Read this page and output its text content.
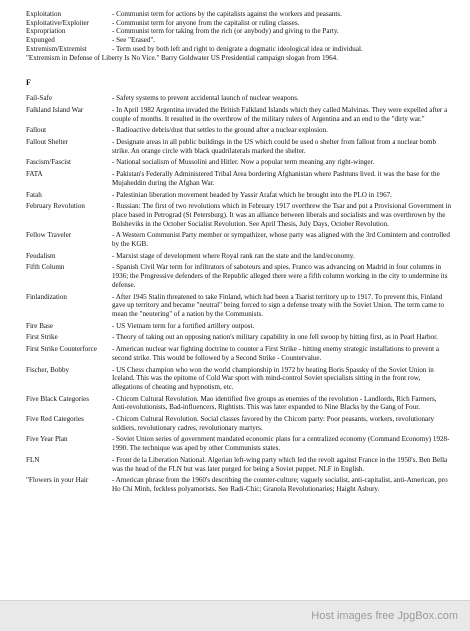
Exploitation	- Communist term for actions by the capitalists against the workers and peasants.
Exploitative/Exploiter	- Communist term for anyone from the capitalist or ruling classes.
Expropriation	- Communist term for taking from the rich (or anybody) and giving to the Party.
Expunged	- See "Erased".
Extremism/Extremist	- Term used by both left and right to denigrate a dogmatic ideological idea or individual.
"Extremism in Defense of Liberty Is No Vice." Barry Goldwater US Presidential campaign slogan from 1964.
F
Fail-Safe	- Safety systems to prevent accidental launch of nuclear weapons.
Falkland Island War	- In April 1982 Argentina invaded the British Falkland Islands which they called Malvinas. They were expelled after a couple of months. It resulted in the overthrow of the military rulers of Argentina and an end to the "dirty war."
Fallout	- Radioactive debris/dust that settles to the ground after a nuclear explosion.
Fallout Shelter	- Designate areas in all public buildings in the US which could be used o shelter from fallout from a nuclear bomb strike. An orange circle with black quadrilaterals marked the shelter.
Fascism/Fascist	- National socialism of Mussolini and Hitler. Now a popular term meaning any right-winger.
FATA	- Pakistan's Federally Administered Tribal Area bordering Afghanistan where Pashtuns lived. it was the base for the Mujaheddin during the Afghan War.
Fatah	- Palestinian liberation movement headed by Yassir Arafat which he brought into the PLO in 1967.
February Revolution	- Russian: The first of two revolutions which in February 1917 overthrew the Tsar and put a Provisional Government in place based in Petrograd (St Petersburg). It was an alliance between liberals and socialists and was overthrown by the Bolsheviks in the October Socialist Revolution. See April Thesis, July Days, October Revolution.
Fellow Traveler	- A Western Communist Party member or sympathizer, whose party was aligned with the 3rd Comintern and controlled by the KGB.
Feudalism	- Marxist stage of development where Royal rank ran the state and the land/economy.
Fifth Column	- Spanish Civil War term for infiltrators of saboteurs and spies. Franco was advancing on Madrid in four columns in 1936; the Progressive defenders of the Republic alleged there were a fifth column working in the city to undermine its defense.
Finlandization	- After 1945 Stalin threatened to take Finland, which had been a Tsarist territory up to 1917. To prevent this, Finland gave up territory and became "neutral" being forced to sign a defense treaty with the Soviet Union. The term came to mean the "neutering" of a nation by the Communists.
Fire Base	- US Vietnam term for a fortified artillery outpost.
First Strike	- Theory of taking out an opposing nation's military capability in one fell swoop by hitting first, as in Pearl Harbor.
First Strike Counterforce	- American nuclear war fighting doctrine to counter a First Strike - hitting enemy strategic installations to prevent a second strike. This would be followed by a Second Strike - Countervalue.
Fischer, Bobby	- US Chess champion who won the world championship in 1972 by beating Boris Spassky of the Soviet Union in Iceland. This was the epitome of Cold War sport with mind-control Soviet specialists sitting in the front row, allegations of cheating and hypnotism, etc.
Five Black Categories	- Chicom Cultural Revolution. Mao identified five groups as enemies of the revolution - Landlords, Rich Farmers, Anti-revolutionists, Bad-influencers, Rightists. This was later expanded to Nine Blacks by the Gang of Four.
Five Red Categories	- Chicom Cultural Revolution. Social classes favored by the Chicom party: Poor peasants, workers, revolutionary soldiers, revolutionary cadres, revolutionary martyrs.
Five Year Plan	- Soviet Union series of government mandated economic plans for a centralized economy (Command Economy) 1928-1990. The technique was aped by other Communists states.
FLN	- Front de la Liberation National. Algerian left-wing party which led the revolt against France in the 1950's. Ben Bella was the head of the FLN but was later purged for being a Soviet puppet. NLF in English.
"Flowers in your Hair	- American phrase from the 1960's describing the counter-culture; vaguely socialist, anti-capitalist, anti-American, pro Ho Chi Minh, feckless polyamorists. See Radi-Chic; Granola Revolutionaries; Haight Asbury.
Host images free JpgBox.com
